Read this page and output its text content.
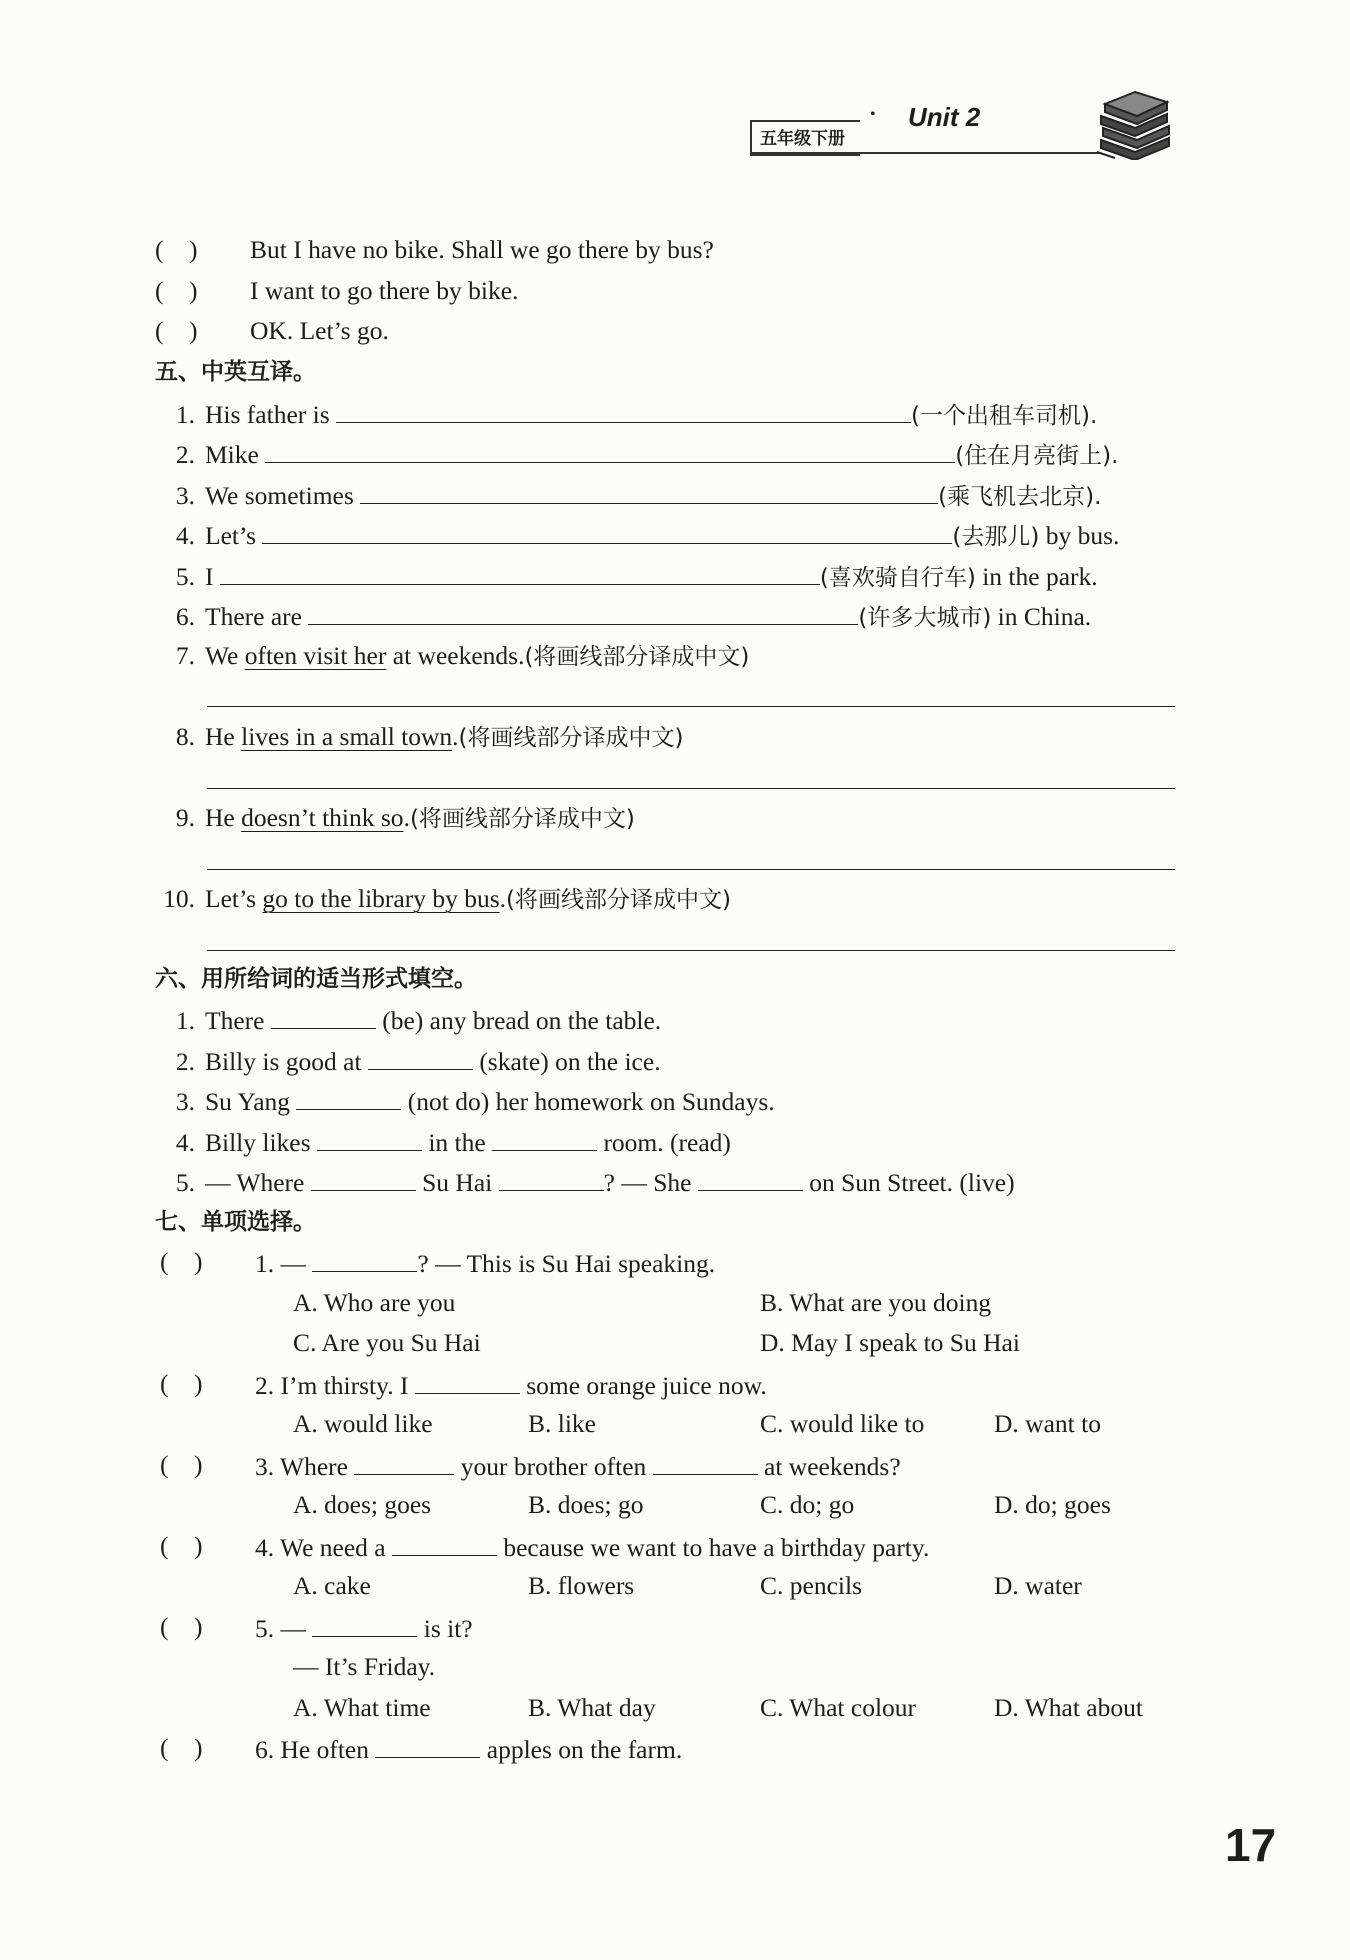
五年级下册
• Unit 2
(    ) But I have no bike. Shall we go there by bus?
(    ) I want to go there by bike.
(    ) OK. Let’s go.
五、中英互译。
1. His father is	(一个出租车司机).
2. Mike	(住在月亮街上).
3. We sometimes	(乘飞机去北京).
4. Let’s	(去那儿) by bus.
5. I	(喜欢骑自行车) in the park.
6. There are	(许多大城市) in China.
7. We often visit her at weekends.(将画线部分译成中文)
8. He lives in a small town.(将画线部分译成中文)
9. He doesn’t think so.(将画线部分译成中文)
10. Let’s go to the library by bus.(将画线部分译成中文)
六、用所给词的适当形式填空。
1. There	(be) any bread on the table.
2. Billy is good at	(skate) on the ice.
3. Su Yang	(not do) her homework on Sundays.
4. Billy likes	in the	room. (read)
5. — Where	Su Hai	? — She	on Sun Street. (live)
七、单项选择。
(    ) 1. —	? — This is Su Hai speaking.
A. Who are you	B. What are you doing
C. Are you Su Hai	D. May I speak to Su Hai
(    ) 2. I’m thirsty. I	some orange juice now.
A. would like	B. like	C. would like to	D. want to
(    ) 3. Where	your brother often	at weekends?
A. does; goes	B. does; go	C. do; go	D. do; goes
(    ) 4. We need a	because we want to have a birthday party.
A. cake	B. flowers	C. pencils	D. water
(    ) 5. —	is it?
— It’s Friday.
A. What time	B. What day	C. What colour	D. What about
(    ) 6. He often	apples on the farm.
17
